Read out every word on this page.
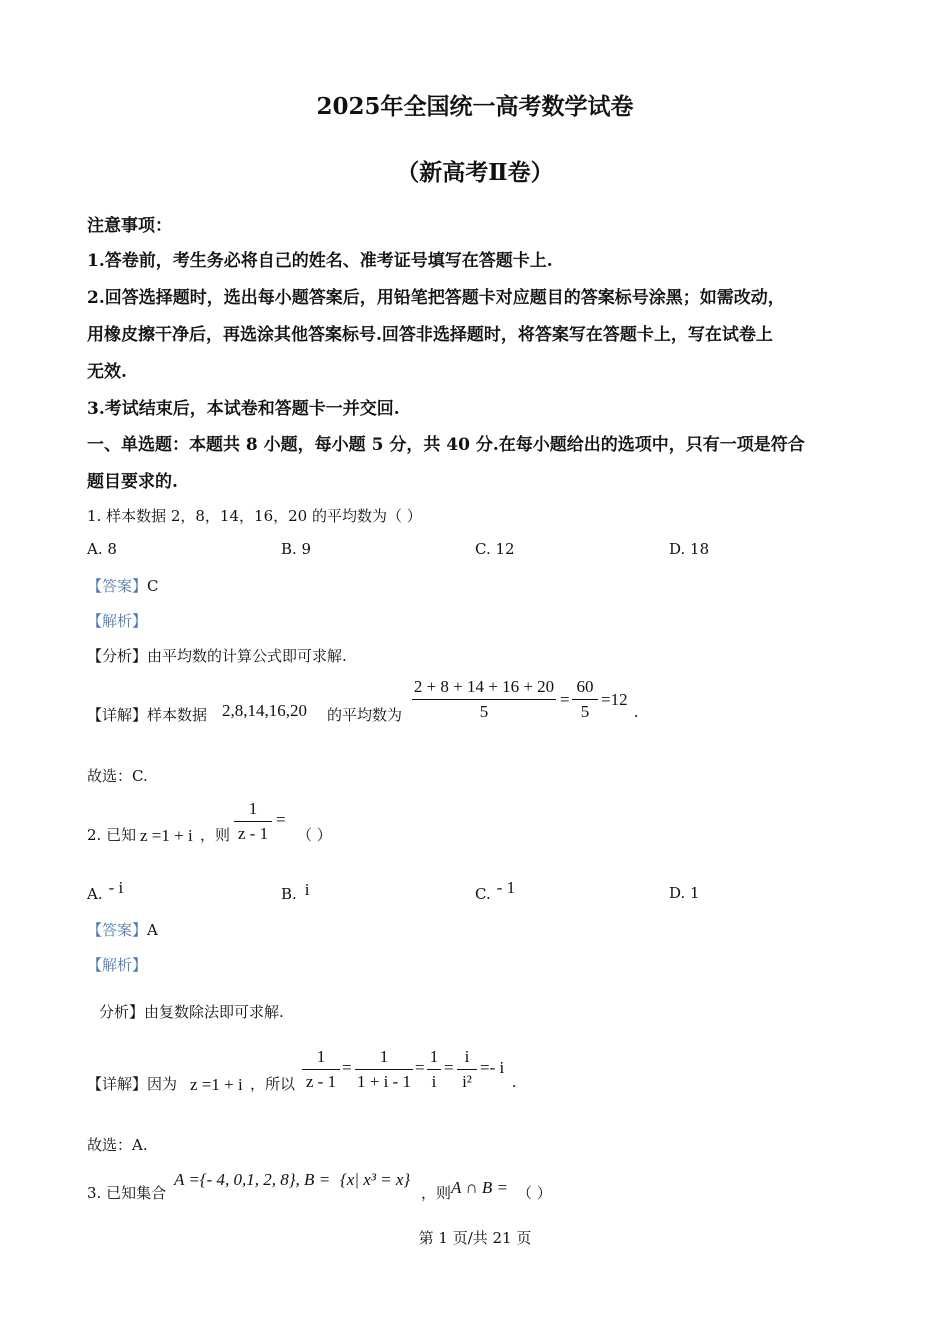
2025年全国统一高考数学试卷
（新高考Ⅱ卷）
注意事项：
1.答卷前，考生务必将自己的姓名、准考证号填写在答题卡上.
2.回答选择题时，选出每小题答案后，用铅笔把答题卡对应题目的答案标号涂黑；如需改动，
用橡皮擦干净后，再选涂其他答案标号.回答非选择题时，将答案写在答题卡上，写在试卷上
无效.
3.考试结束后，本试卷和答题卡一并交回.
一、单选题：本题共 8 小题，每小题 5 分，共 40 分.在每小题给出的选项中，只有一项是符合
题目要求的.
1. 样本数据 2，8，14，16，20 的平均数为（ ）
A. 8	B. 9	C. 12	D. 18
【答案】C
【解析】
【分析】由平均数的计算公式即可求解.
【详解】样本数据 2,8,14,16,20 的平均数为
2 + 8 + 14 + 16 + 20
5
=
60
5
=12
.
故选：C.
2. 已知 z =1 + i ，则
1
z - 1
=
（ ）
A. - i	B. i	C. - 1	D. 1
【答案】A
【解析】
分析】由复数除法即可求解.
【详解】因为 z =1 + i ，所以
1
z - 1
=
1
1 + i - 1
=
1
i
=
i
i²
=- i
.
故选：A.
3. 已知集合
A ={- 4, 0,1, 2, 8}, B = {x| x³ = x}
，则 A ∩ B = （ ）
第 1 页/共 21 页
